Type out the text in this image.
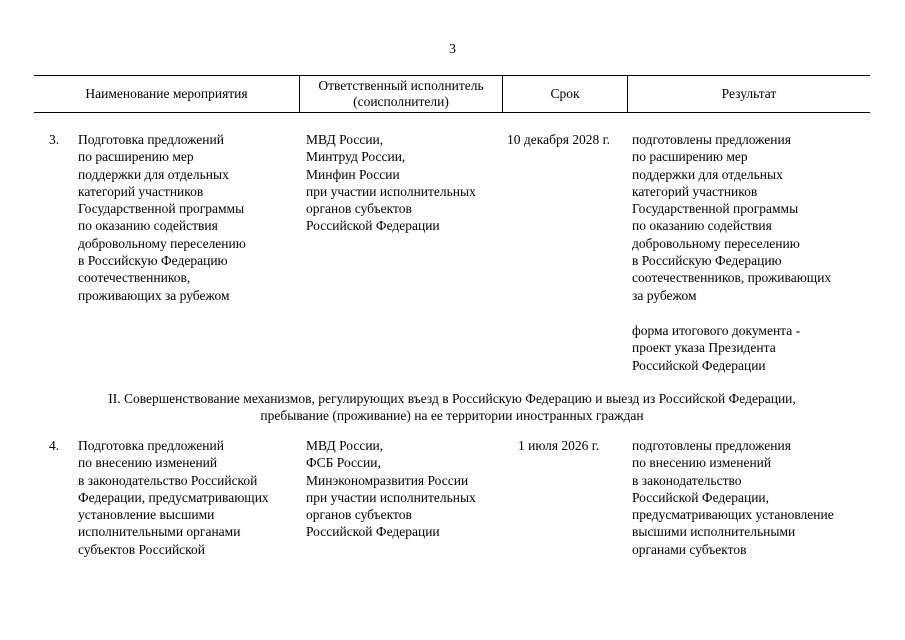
3
Наименование мероприятия
Ответственный исполнитель
(соисполнители)
Срок	Результат
3. Подготовка предложений
по расширению мер
поддержки для отдельных
категорий участников
Государственной программы
по оказанию содействия
добровольному переселению
в Российскую Федерацию
соотечественников,
проживающих за рубежом
МВД России,
Минтруд России,
Минфин России
при участии исполнительных
органов субъектов
Российской Федерации
10 декабря 2028 г. подготовлены предложения
по расширению мер
поддержки для отдельных
категорий участников
Государственной программы
по оказанию содействия
добровольному переселению
в Российскую Федерацию
соотечественников, проживающих
за рубежом
форма итогового документа -
проект указа Президента
Российской Федерации
II. Совершенствование механизмов, регулирующих въезд в Российскую Федерацию и выезд из Российской Федерации,
пребывание (проживание) на ее территории иностранных граждан
4. Подготовка предложений
по внесению изменений
в законодательство Российской
Федерации, предусматривающих
установление высшими
исполнительными органами
субъектов Российской
МВД России,
ФСБ России,
Минэкономразвития России
при участии исполнительных
органов субъектов
Российской Федерации
1 июля 2026 г. подготовлены предложения
по внесению изменений
в законодательство
Российской Федерации,
предусматривающих установление
высшими исполнительными
органами субъектов
